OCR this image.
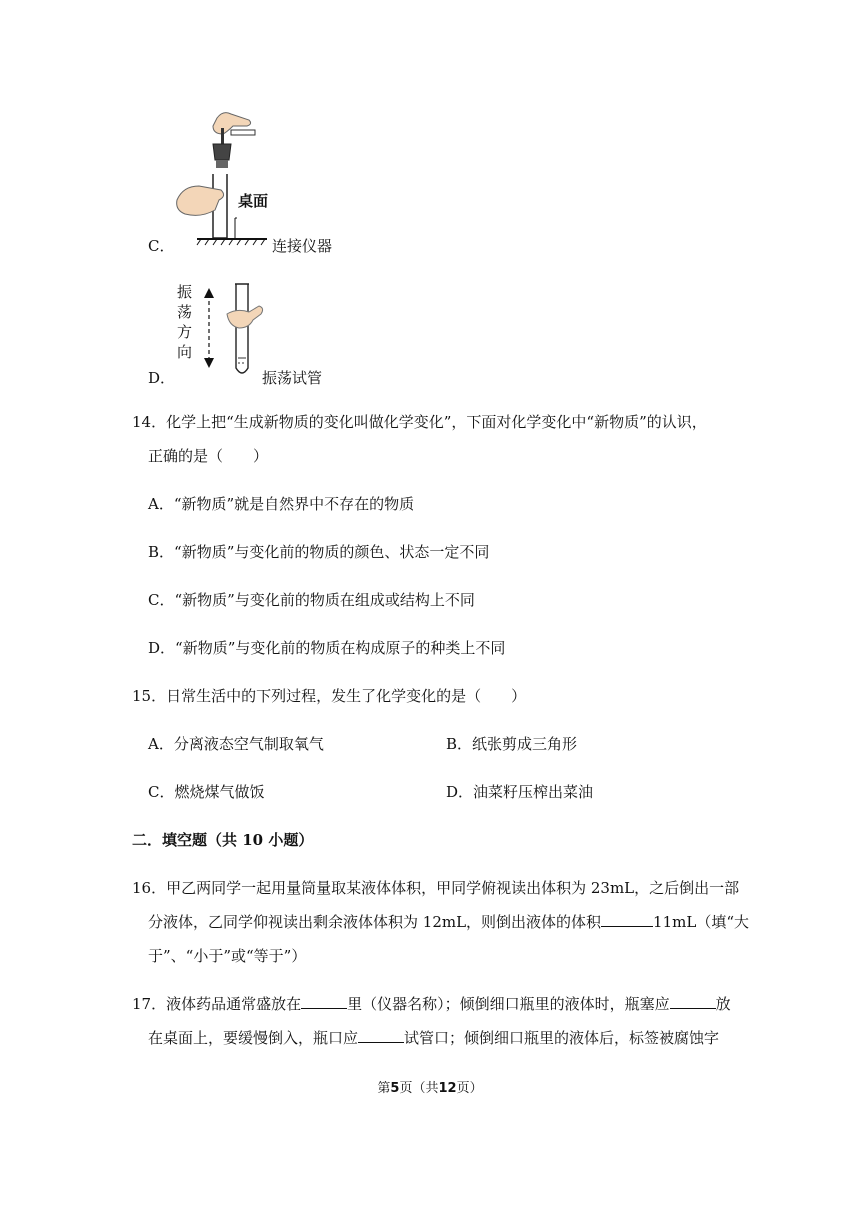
桌面
C．	连接仪器
振
荡
方
向
D．	振荡试管
14．化学上把“生成新物质的变化叫做化学变化”，下面对化学变化中“新物质”的认识，
正确的是（　　）
A．“新物质”就是自然界中不存在的物质
B．“新物质”与变化前的物质的颜色、状态一定不同
C．“新物质”与变化前的物质在组成或结构上不同
D．“新物质”与变化前的物质在构成原子的种类上不同
15．日常生活中的下列过程，发生了化学变化的是（　　）
A．分离液态空气制取氧气	B．纸张剪成三角形
C．燃烧煤气做饭	D．油菜籽压榨出菜油
二．填空题（共 10 小题）
16．甲乙两同学一起用量筒量取某液体体积，甲同学俯视读出体积为 23mL，之后倒出一部
分液体，乙同学仰视读出剩余液体体积为 12mL，则倒出液体的体积	11mL（填“大
于”、“小于”或“等于”）
17．液体药品通常盛放在	里（仪器名称）；倾倒细口瓶里的液体时，瓶塞应	放
在桌面上，要缓慢倒入，瓶口应	试管口；倾倒细口瓶里的液体后，标签被腐蚀字
第5页（共12页）
